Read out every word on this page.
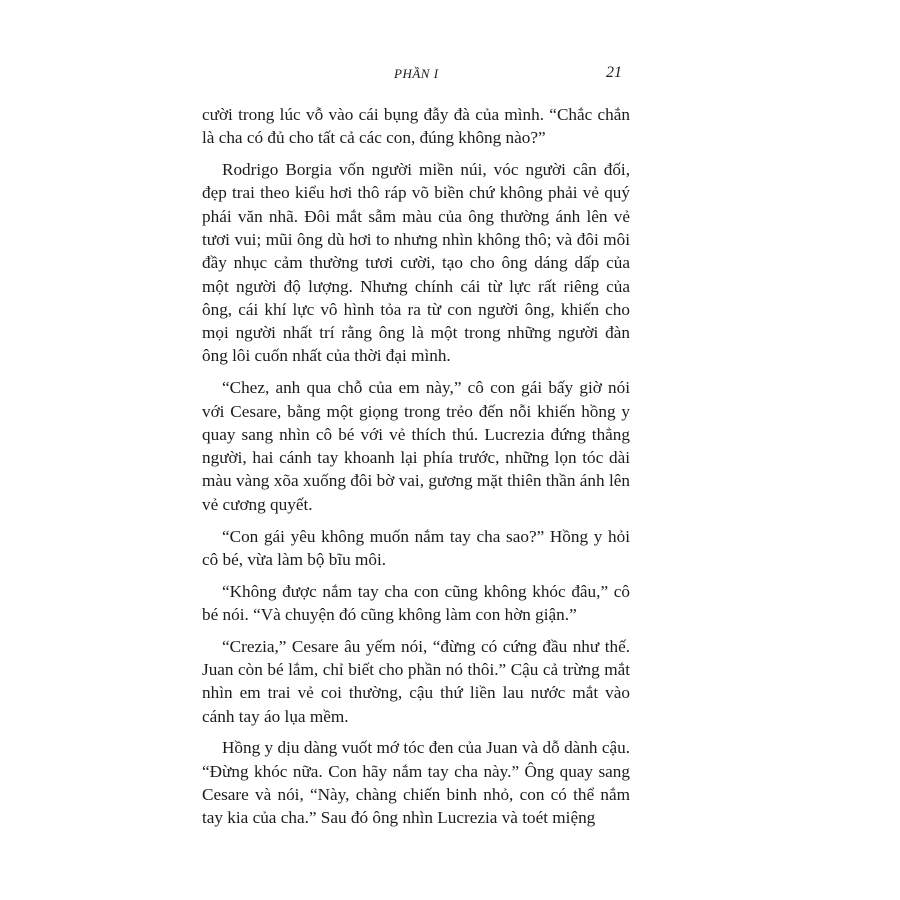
PHẦN I	21

cười trong lúc vỗ vào cái bụng đẫy đà của mình. “Chắc chắn là cha có đủ cho tất cả các con, đúng không nào?”

Rodrigo Borgia vốn người miền núi, vóc người cân đối, đẹp trai theo kiểu hơi thô ráp võ biền chứ không phải vẻ quý phái văn nhã. Đôi mắt sẫm màu của ông thường ánh lên vẻ tươi vui; mũi ông dù hơi to nhưng nhìn không thô; và đôi môi đầy nhục cảm thường tươi cười, tạo cho ông dáng dấp của một người độ lượng. Nhưng chính cái từ lực rất riêng của ông, cái khí lực vô hình tỏa ra từ con người ông, khiến cho mọi người nhất trí rằng ông là một trong những người đàn ông lôi cuốn nhất của thời đại mình.

“Chez, anh qua chỗ của em này,” cô con gái bấy giờ nói với Cesare, bằng một giọng trong trẻo đến nỗi khiến hồng y quay sang nhìn cô bé với vẻ thích thú. Lucrezia đứng thẳng người, hai cánh tay khoanh lại phía trước, những lọn tóc dài màu vàng xõa xuống đôi bờ vai, gương mặt thiên thần ánh lên vẻ cương quyết.

“Con gái yêu không muốn nắm tay cha sao?” Hồng y hỏi cô bé, vừa làm bộ bĩu môi.

“Không được nắm tay cha con cũng không khóc đâu,” cô bé nói. “Và chuyện đó cũng không làm con hờn giận.”

“Crezia,” Cesare âu yếm nói, “đừng có cứng đầu như thế. Juan còn bé lắm, chỉ biết cho phần nó thôi.” Cậu cả trừng mắt nhìn em trai vẻ coi thường, cậu thứ liền lau nước mắt vào cánh tay áo lụa mềm.

Hồng y dịu dàng vuốt mớ tóc đen của Juan và dỗ dành cậu. “Đừng khóc nữa. Con hãy nắm tay cha này.” Ông quay sang Cesare và nói, “Này, chàng chiến binh nhỏ, con có thể nắm tay kia của cha.” Sau đó ông nhìn Lucrezia và toét miệng
